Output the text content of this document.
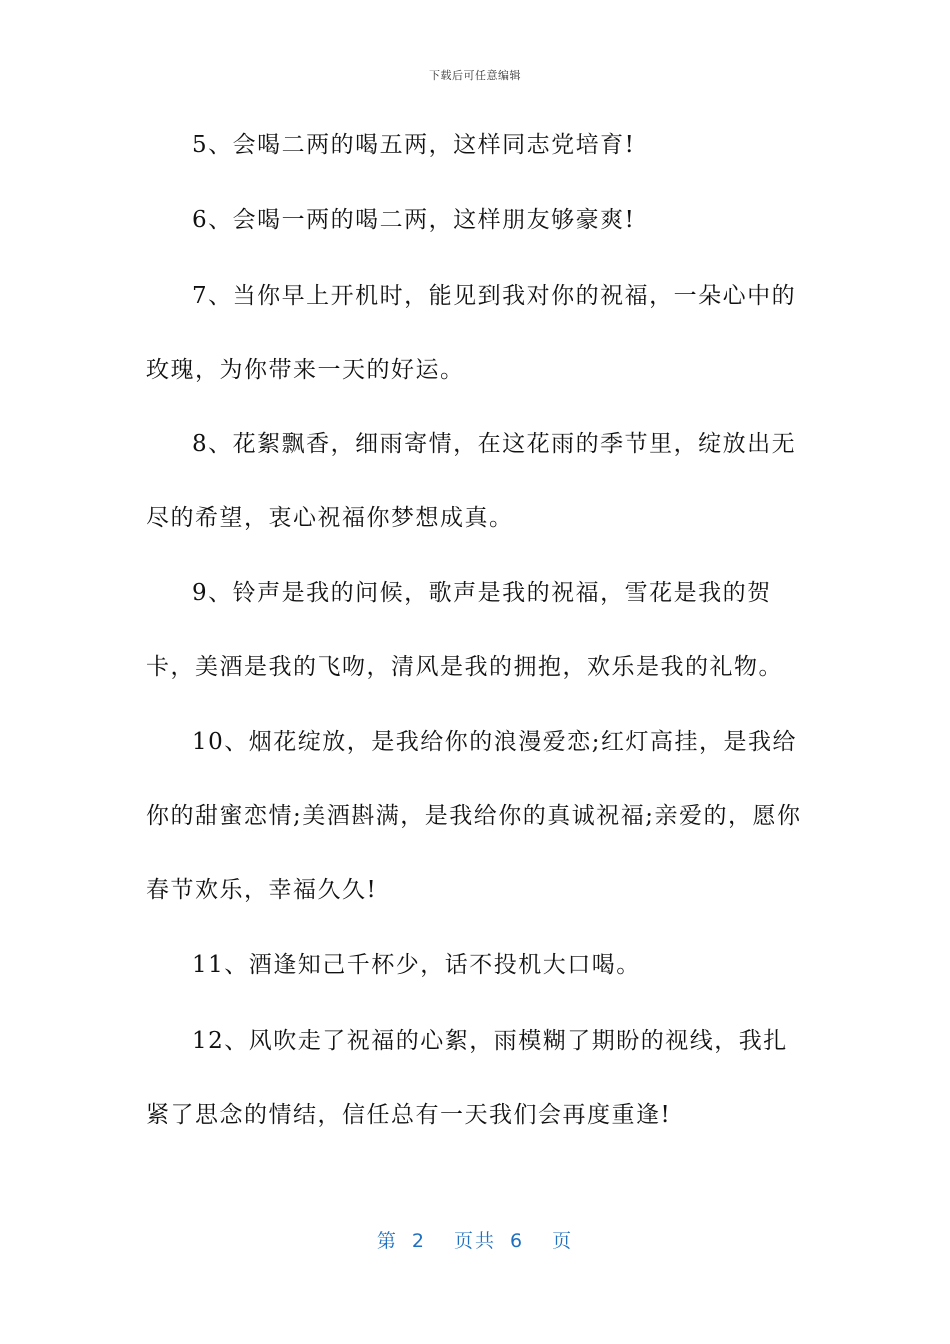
下载后可任意编辑

5、会喝二两的喝五两，这样同志党培育!

6、会喝一两的喝二两，这样朋友够豪爽!

7、当你早上开机时，能见到我对你的祝福，一朵心中的玫瑰，为你带来一天的好运。

8、花絮飘香，细雨寄情，在这花雨的季节里，绽放出无尽的希望，衷心祝福你梦想成真。

9、铃声是我的问候，歌声是我的祝福，雪花是我的贺卡，美酒是我的飞吻，清风是我的拥抱，欢乐是我的礼物。

10、烟花绽放，是我给你的浪漫爱恋;红灯高挂，是我给你的甜蜜恋情;美酒斟满，是我给你的真诚祝福;亲爱的，愿你春节欢乐，幸福久久!

11、酒逢知己千杯少，话不投机大口喝。

12、风吹走了祝福的心絮，雨模糊了期盼的视线，我扎紧了思念的情结，信任总有一天我们会再度重逢!

第 2 页共 6 页
